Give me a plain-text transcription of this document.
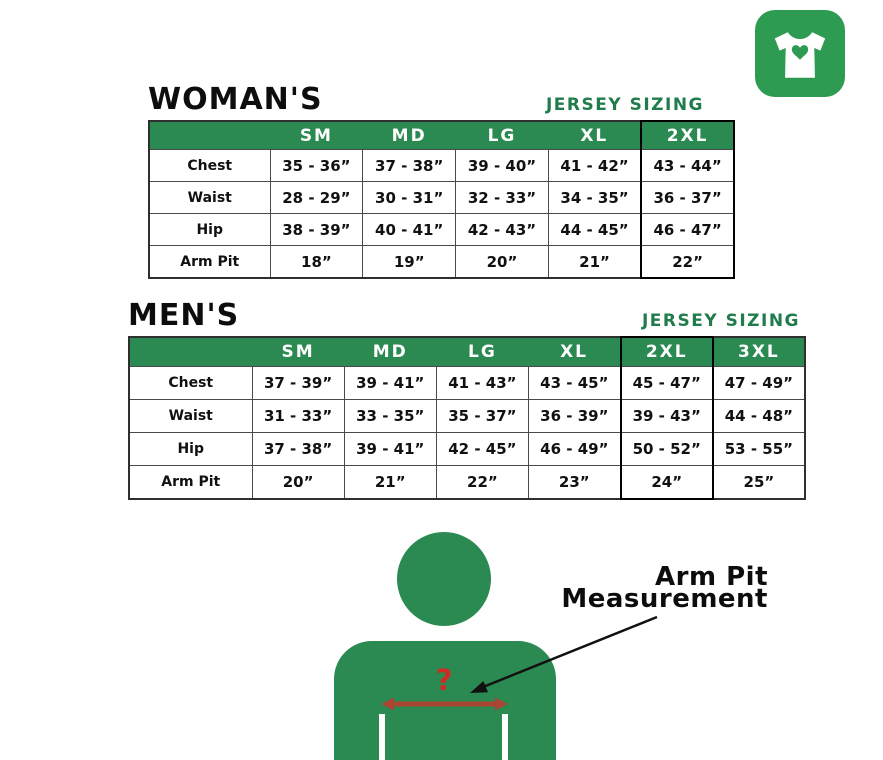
WOMAN'S	JERSEY SIZING
	SM	MD	LG	XL	2XL
Chest	35 - 36”	37 - 38”	39 - 40”	41 - 42”	43 - 44”
Waist	28 - 29”	30 - 31”	32 - 33”	34 - 35”	36 - 37”
Hip	38 - 39”	40 - 41”	42 - 43”	44 - 45”	46 - 47”
Arm Pit	18”	19”	20”	21”	22”
MEN'S	JERSEY SIZING
	SM	MD	LG	XL	2XL	3XL
Chest	37 - 39”	39 - 41”	41 - 43”	43 - 45”	45 - 47”	47 - 49”
Waist	31 - 33”	33 - 35”	35 - 37”	36 - 39”	39 - 43”	44 - 48”
Hip	37 - 38”	39 - 41”	42 - 45”	46 - 49”	50 - 52”	53 - 55”
Arm Pit	20”	21”	22”	23”	24”	25”
?
Arm Pit
Measurement
